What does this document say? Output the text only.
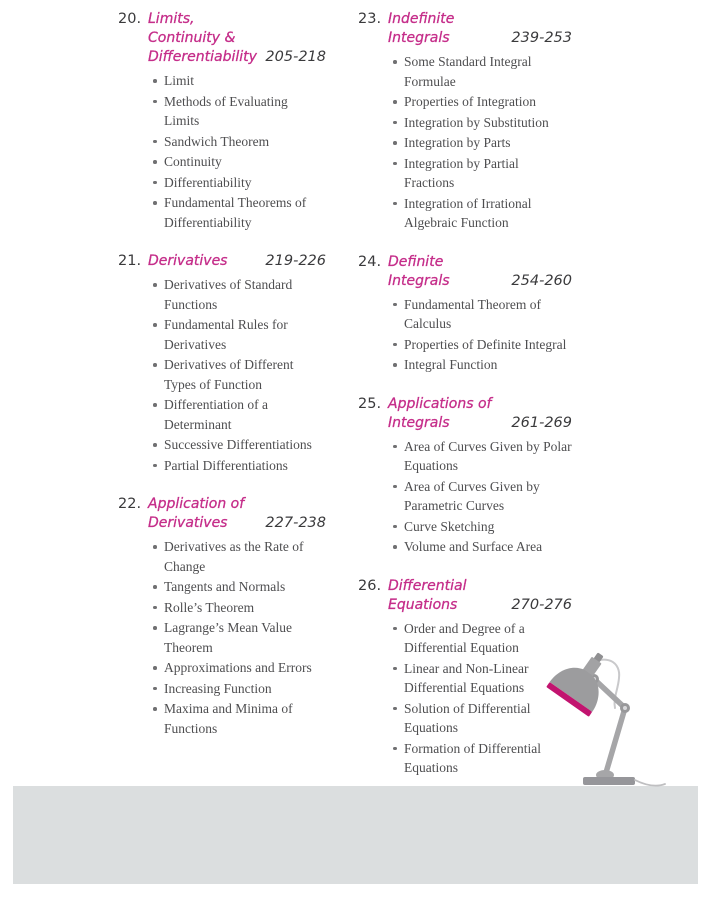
20. Limits, Continuity & Differentiability 205-218
Limit
Methods of Evaluating Limits
Sandwich Theorem
Continuity
Differentiability
Fundamental Theorems of Differentiability
21. Derivatives	219-226
Derivatives of Standard Functions
Fundamental Rules for Derivatives
Derivatives of Different Types of Function
Differentiation of a Determinant
Successive Differentiations
Partial Differentiations
22. Application of Derivatives	227-238
Derivatives as the Rate of Change
Tangents and Normals
Rolle’s Theorem
Lagrange’s Mean Value Theorem
Approximations and Errors
Increasing Function
Maxima and Minima of Functions
23. Indefinite Integrals	239-253
Some Standard Integral Formulae
Properties of Integration
Integration by Substitution
Integration by Parts
Integration by Partial Fractions
Integration of Irrational Algebraic Function
24. Definite Integrals	254-260
Fundamental Theorem of Calculus
Properties of Definite Integral
Integral Function
25. Applications of Integrals	261-269
Area of Curves Given by Polar Equations
Area of Curves Given by Parametric Curves
Curve Sketching
Volume and Surface Area
26. Differential Equations	270-276
Order and Degree of a Differential Equation
Linear and Non-Linear Differential Equations
Solution of Differential Equations
Formation of Differential Equations
